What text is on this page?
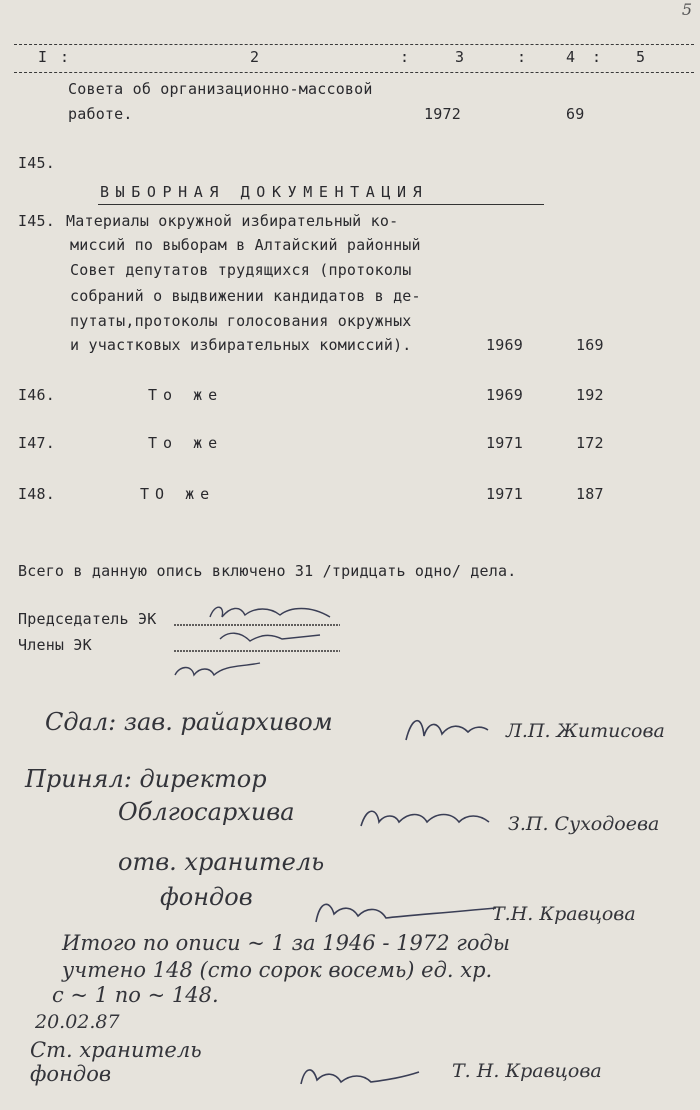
5
I :	2	:	3	:	4 : 5
Совета об организационно-массовой
работе.	1972	69
I45.
ВЫБОРНАЯ ДОКУМЕНТАЦИЯ
I45. Материалы окружной избирательный ко-
миссий по выборам в Алтайский районный
Совет депутатов трудящихся (протоколы
собраний о выдвижении кандидатов в де-
путаты,протоколы голосования окружных
и участковых избирательных комиссий).	1969	169
I46.	То же	1969	192
I47.	То же	1971	172
I48.	ТО же	1971	187
Всего в данную опись включено 31 /тридцать одно/ дела.
Председатель ЭК
Члены ЭК
Сдал: зав. райархивом	Л.П. Житисова
Принял: директор
Облгосархива	З.П. Суходоева
отв. хранитель
фондов
Т.Н. Кравцова
Итого по описи ~ 1 за 1946 - 1972 годы
учтено 148 (сто сорок восемь) ед. хр.
с ~ 1 по ~ 148.
20.02.87
Ст. хранитель
фондов	Т. Н. Кравцова
